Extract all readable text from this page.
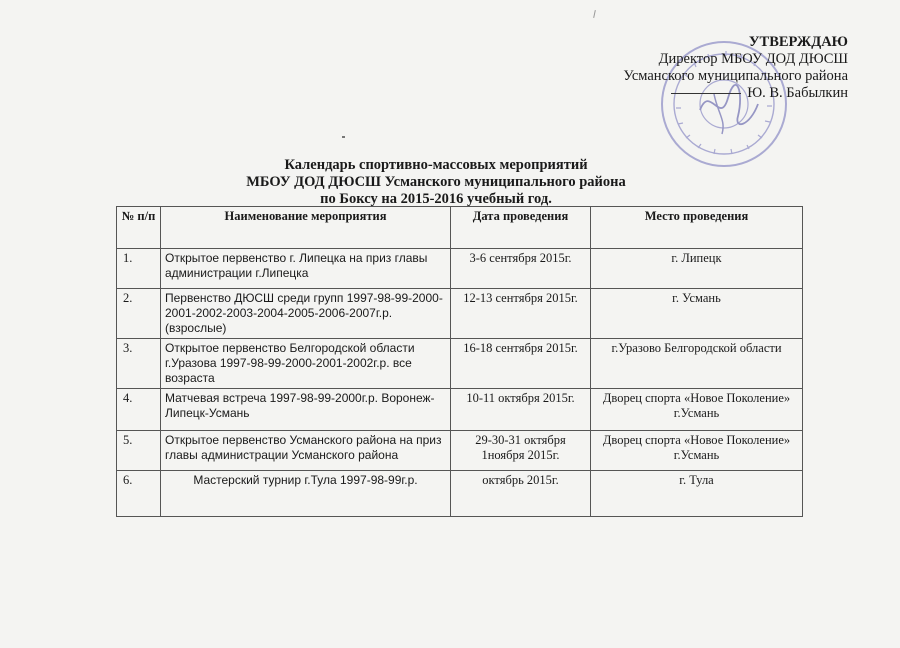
УТВЕРЖДАЮ
Директор МБОУ ДОД ДЮСШ
Усманского муниципального района
Ю. В. Бабылкин
Календарь спортивно-массовых мероприятий
МБОУ ДОД ДЮСШ Усманского муниципального района
по Боксу на 2015-2016 учебный год.
№ п/п	Наименование мероприятия	Дата проведения	Место проведения
1.	Открытое первенство г. Липецка на приз главы администрации г.Липецка	3-6 сентября 2015г.	г. Липецк
2.	Первенство ДЮСШ среди групп 1997-98-99-2000-2001-2002-2003-2004-2005-2006-2007г.р. (взрослые)	12-13 сентября 2015г.	г. Усмань
3.	Открытое первенство Белгородской области г.Уразова 1997-98-99-2000-2001-2002г.р. все возраста	16-18 сентября 2015г.	г.Уразово Белгородской области
4.	Матчевая встреча 1997-98-99-2000г.р. Воронеж-Липецк-Усмань	10-11 октября 2015г.	Дворец спорта «Новое Поколение» г.Усмань
5.	Открытое первенство Усманского района на приз главы администрации Усманского района	29-30-31 октября 1ноября 2015г.	Дворец спорта «Новое Поколение» г.Усмань
6.	Мастерский турнир г.Тула 1997-98-99г.р.	октябрь 2015г.	г. Тула
